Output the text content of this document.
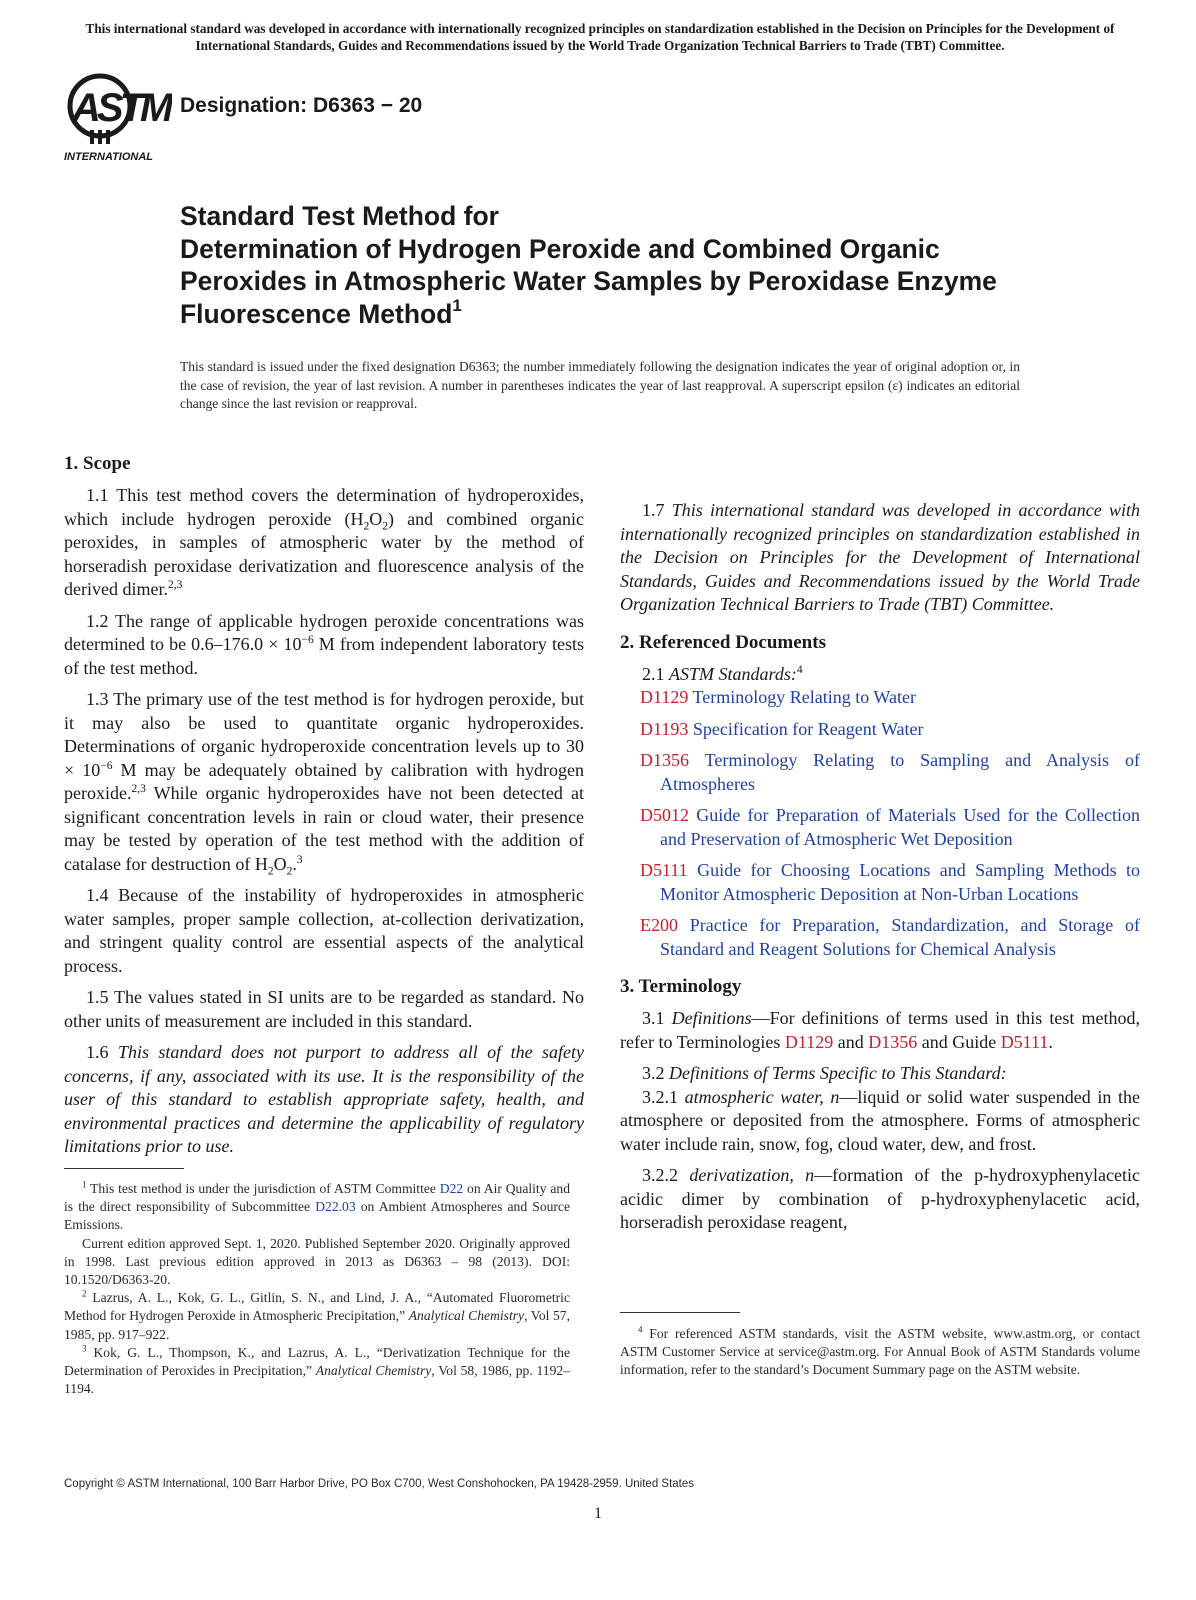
This international standard was developed in accordance with internationally recognized principles on standardization established in the Decision on Principles for the Development of International Standards, Guides and Recommendations issued by the World Trade Organization Technical Barriers to Trade (TBT) Committee.
ASTM
INTERNATIONAL
Designation: D6363 − 20
Standard Test Method for
Determination of Hydrogen Peroxide and Combined Organic Peroxides in Atmospheric Water Samples by Peroxidase Enzyme Fluorescence Method$^1$
This standard is issued under the fixed designation D6363; the number immediately following the designation indicates the year of original adoption or, in the case of revision, the year of last revision. A number in parentheses indicates the year of last reapproval. A superscript epsilon (ε) indicates an editorial change since the last revision or reapproval.
1. Scope

1.1 This test method covers the determination of hydroperoxides, which include hydrogen peroxide $(H_2O_2)$ and combined organic peroxides, in samples of atmospheric water by the method of horseradish peroxidase derivatization and fluorescence analysis of the derived dimer.$^{2,3}$

1.2 The range of applicable hydrogen peroxide concentrations was determined to be $0.6-176.0 \times 10^{-6}$ M from independent laboratory tests of the test method.

1.3 The primary use of the test method is for hydrogen peroxide, but it may also be used to quantitate organic hydroperoxides. Determinations of organic hydroperoxide concentration levels up to $30 \times 10^{-6}$ M may be adequately obtained by calibration with hydrogen peroxide.$^{2,3}$ While organic hydroperoxides have not been detected at significant concentration levels in rain or cloud water, their presence may be tested by operation of the test method with the addition of catalase for destruction of $H_2O_2.^3$

1.4 Because of the instability of hydroperoxides in atmospheric water samples, proper sample collection, at-collection derivatization, and stringent quality control are essential aspects of the analytical process.

1.5 The values stated in SI units are to be regarded as standard. No other units of measurement are included in this standard.

1.6 This standard does not purport to address all of the safety concerns, if any, associated with its use. It is the responsibility of the user of this standard to establish appropriate safety, health, and environmental practices and determine the applicability of regulatory limitations prior to use.

1.7 This international standard was developed in accordance with internationally recognized principles on standardization established in the Decision on Principles for the Development of International Standards, Guides and Recommendations issued by the World Trade Organization Technical Barriers to Trade (TBT) Committee.

2. Referenced Documents

2.1 ASTM Standards:$^4$

D1129 Terminology Relating to Water

D1193 Specification for Reagent Water

D1356 Terminology Relating to Sampling and Analysis of Atmospheres

D5012 Guide for Preparation of Materials Used for the Collection and Preservation of Atmospheric Wet Deposition

D5111 Guide for Choosing Locations and Sampling Methods to Monitor Atmospheric Deposition at Non-Urban Locations

E200 Practice for Preparation, Standardization, and Storage of Standard and Reagent Solutions for Chemical Analysis

3. Terminology

3.1 Definitions—For definitions of terms used in this test method, refer to Terminologies D1129 and D1356 and Guide D5111.

3.2 Definitions of Terms Specific to This Standard:

3.2.1 atmospheric water, n—liquid or solid water suspended in the atmosphere or deposited from the atmosphere. Forms of atmospheric water include rain, snow, fog, cloud water, dew, and frost.

3.2.2 derivatization, n—formation of the p-hydroxyphenylacetic acidic dimer by combination of p-hydroxyphenylacetic acid, horseradish peroxidase reagent,

$^1$ This test method is under the jurisdiction of ASTM Committee D22 on Air Quality and is the direct responsibility of Subcommittee D22.03 on Ambient Atmospheres and Source Emissions.

Current edition approved Sept. 1, 2020. Published September 2020. Originally approved in 1998. Last previous edition approved in 2013 as D6363 – 98 (2013). DOI: 10.1520/D6363-20.

$^2$ Lazrus, A. L., Kok, G. L., Gitlin, S. N., and Lind, J. A., “Automated Fluorometric Method for Hydrogen Peroxide in Atmospheric Precipitation,” Analytical Chemistry, Vol 57, 1985, pp. 917–922.

$^3$ Kok, G. L., Thompson, K., and Lazrus, A. L., “Derivatization Technique for the Determination of Peroxides in Precipitation,” Analytical Chemistry, Vol 58, 1986, pp. 1192–1194.

$^4$ For referenced ASTM standards, visit the ASTM website, www.astm.org, or contact ASTM Customer Service at service@astm.org. For Annual Book of ASTM Standards volume information, refer to the standard’s Document Summary page on the ASTM website.

Copyright © ASTM International, 100 Barr Harbor Drive, PO Box C700, West Conshohocken, PA 19428-2959. United States
1
